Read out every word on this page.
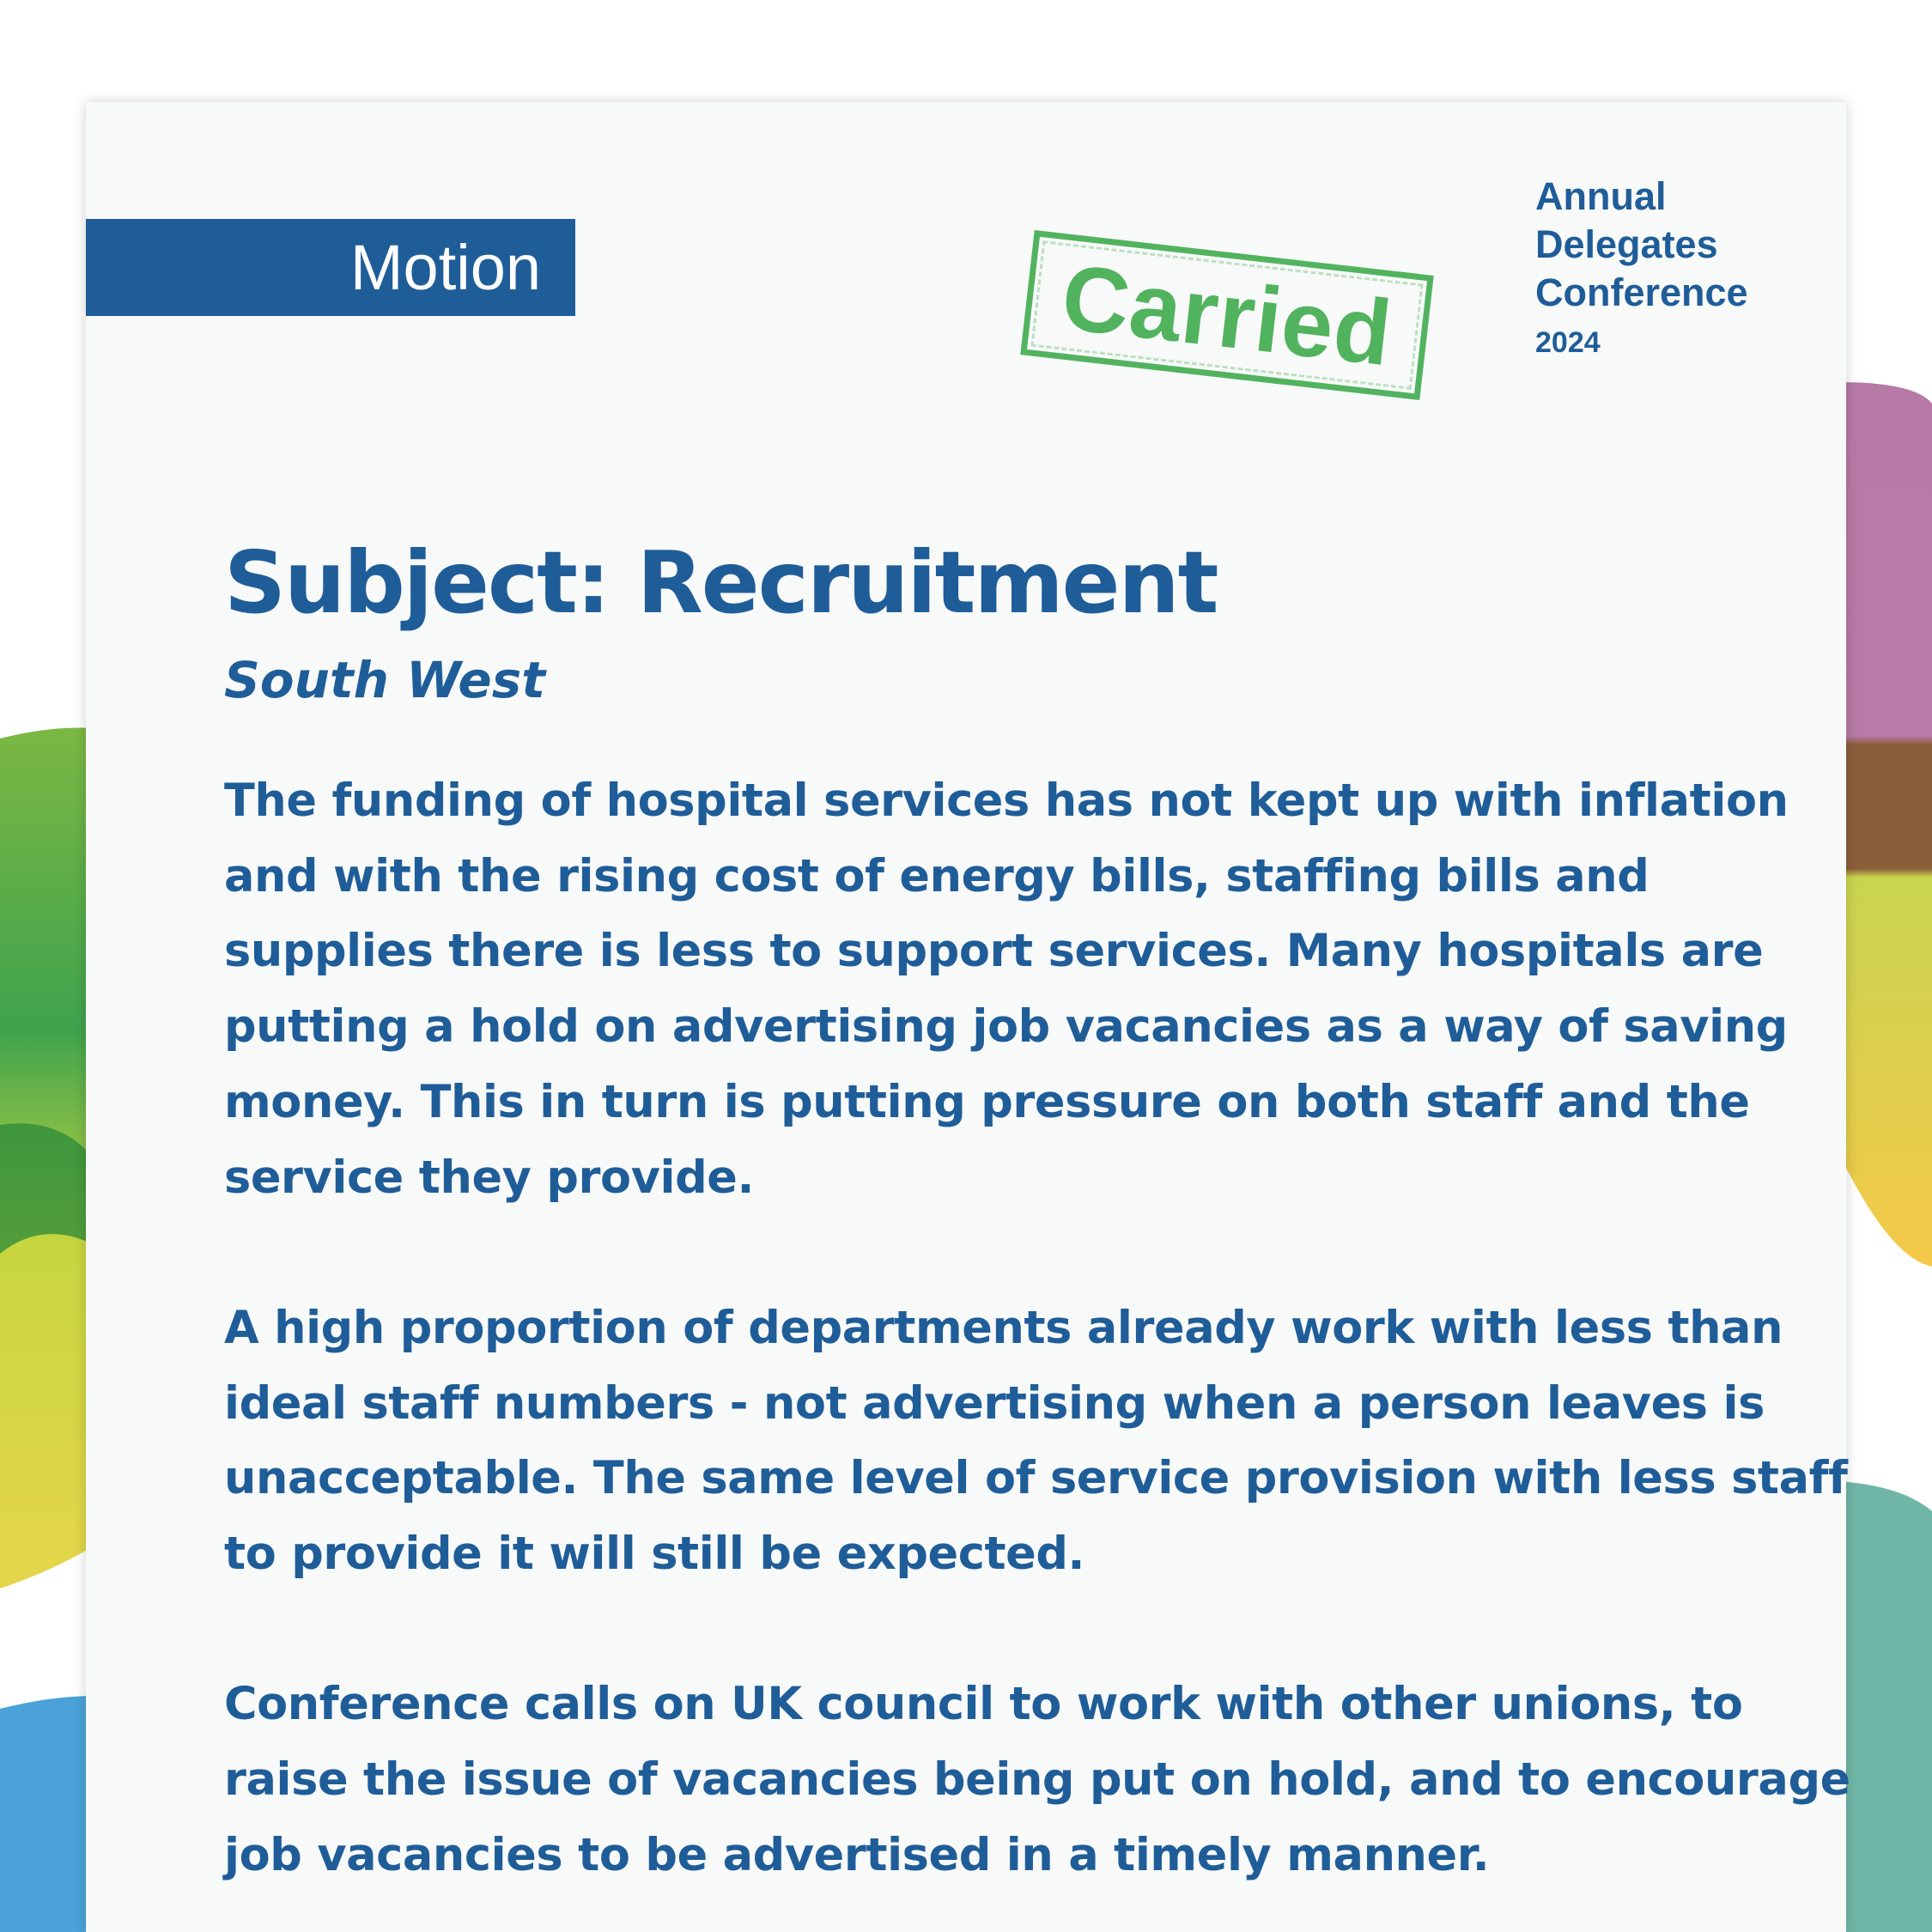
Motion	Carried
Annual
Delegates
Conference
2024
Subject: Recruitment
South West

The funding of hospital services has not kept up with inflation and with the rising cost of energy bills, staffing bills and supplies there is less to support services. Many hospitals are putting a hold on advertising job vacancies as a way of saving money. This in turn is putting pressure on both staff and the service they provide.

A high proportion of departments already work with less than ideal staff numbers - not advertising when a person leaves is unacceptable. The same level of service provision with less staff to provide it will still be expected.

Conference calls on UK council to work with other unions, to raise the issue of vacancies being put on hold, and to encourage job vacancies to be advertised in a timely manner.
